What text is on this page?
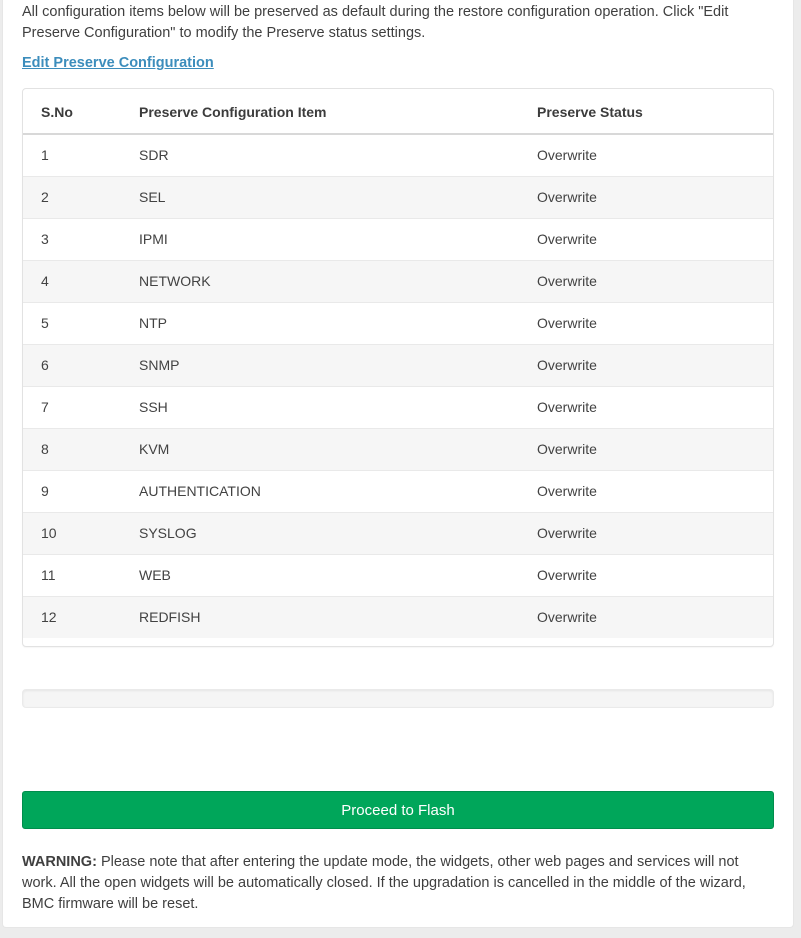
All configuration items below will be preserved as default during the restore configuration operation. Click "Edit Preserve Configuration" to modify the Preserve status settings.

Edit Preserve Configuration
S.No	Preserve Configuration Item	Preserve Status
1	SDR	Overwrite
2	SEL	Overwrite
3	IPMI	Overwrite
4	NETWORK	Overwrite
5	NTP	Overwrite
6	SNMP	Overwrite
7	SSH	Overwrite
8	KVM	Overwrite
9	AUTHENTICATION	Overwrite
10	SYSLOG	Overwrite
11	WEB	Overwrite
12	REDFISH	Overwrite
Proceed to Flash

WARNING: Please note that after entering the update mode, the widgets, other web pages and services will not work. All the open widgets will be automatically closed. If the upgradation is cancelled in the middle of the wizard, BMC firmware will be reset.
